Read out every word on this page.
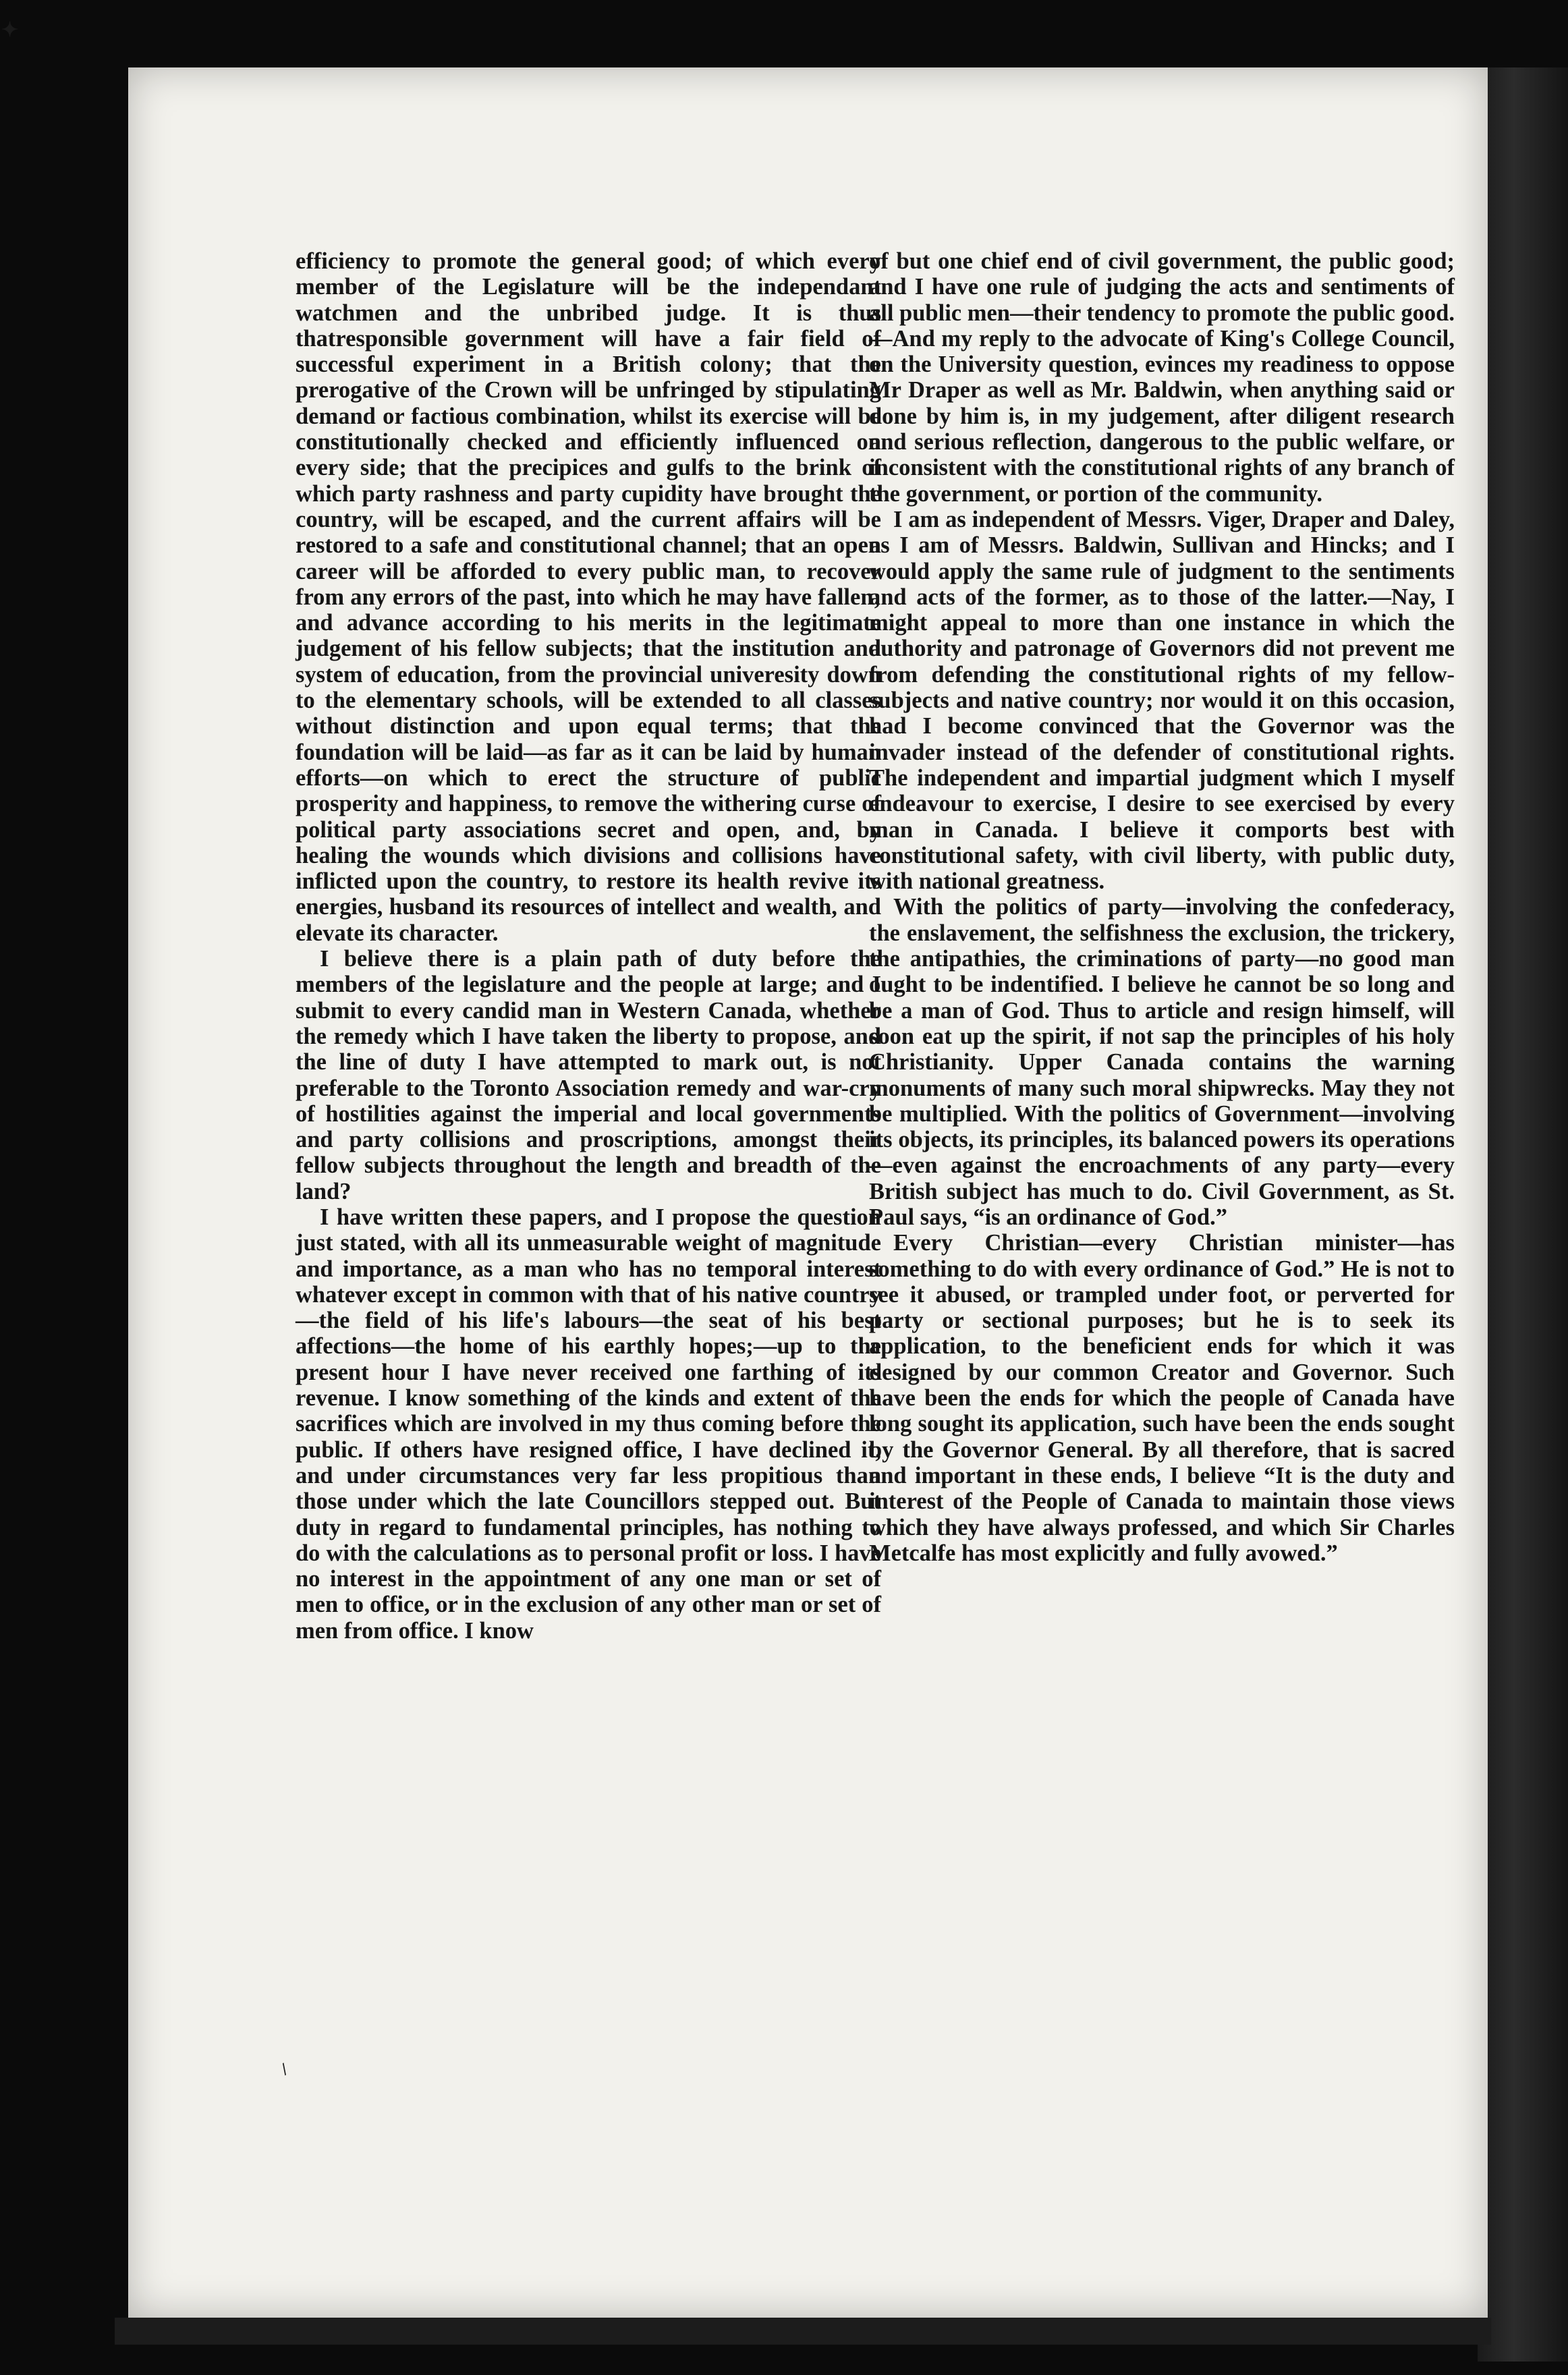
✦

efficiency to promote the general good; of which every member of the Legislature will be the independant watchmen and the unbribed judge. It is thus thatresponsible government will have a fair field of successful experiment in a British colony; that the prerogative of the Crown will be unfringed by stipulating demand or factious combination, whilst its exercise will be constitutionally checked and efficiently influenced on every side; that the precipices and gulfs to the brink of which party rashness and party cupidity have brought the country, will be escaped, and the current affairs will be restored to a safe and constitutional channel; that an open career will be afforded to every public man, to recover from any errors of the past, into which he may have fallen; and advance according to his merits in the legitimate judgement of his fellow subjects; that the institution and system of education, from the provincial univeresity down to the elementary schools, will be extended to all classes without distinction and upon equal terms; that the foundation will be laid—as far as it can be laid by human efforts—on which to erect the structure of public prosperity and happiness, to remove the withering curse of political party associations secret and open, and, by healing the wounds which divisions and collisions have inflicted upon the country, to restore its health revive its energies, husband its resources of intellect and wealth, and elevate its character.

I believe there is a plain path of duty before the members of the legislature and the people at large; and I submit to every candid man in Western Canada, whether the remedy which I have taken the liberty to propose, and the line of duty I have attempted to mark out, is not preferable to the Toronto Association remedy and war-cry of hostilities against the imperial and local governments and party collisions and proscriptions, amongst their fellow subjects throughout the length and breadth of the land?

I have written these papers, and I propose the question just stated, with all its unmeasurable weight of magnitude and importance, as a man who has no temporal interest whatever except in common with that of his native country—the field of his life's labours—the seat of his best affections—the home of his earthly hopes;—up to the present hour I have never received one farthing of its revenue. I know something of the kinds and extent of the sacrifices which are involved in my thus coming before the public. If others have resigned office, I have declined it, and under circumstances very far less propitious than those under which the late Councillors stepped out. But duty in regard to fundamental principles, has nothing to do with the calculations as to personal profit or loss. I have no interest in the appointment of any one man or set of men to office, or in the exclusion of any other man or set of men from office. I know

of but one chief end of civil government, the public good; and I have one rule of judging the acts and sentiments of all public men—their tendency to promote the public good.—And my reply to the advocate of King's College Council, on the University question, evinces my readiness to oppose Mr Draper as well as Mr. Baldwin, when anything said or done by him is, in my judgement, after diligent research and serious reflection, dangerous to the public welfare, or inconsistent with the constitutional rights of any branch of the government, or portion of the community.

I am as independent of Messrs. Viger, Draper and Daley, as I am of Messrs. Baldwin, Sullivan and Hincks; and I would apply the same rule of judgment to the sentiments and acts of the former, as to those of the latter.—Nay, I might appeal to more than one instance in which the authority and patronage of Governors did not prevent me from defending the constitutional rights of my fellow-subjects and native country; nor would it on this occasion, had I become convinced that the Governor was the invader instead of the defender of constitutional rights. The independent and impartial judgment which I myself endeavour to exercise, I desire to see exercised by every man in Canada. I believe it comports best with constitutional safety, with civil liberty, with public duty, with national greatness.

With the politics of party—involving the confederacy, the enslavement, the selfishness the exclusion, the trickery, the antipathies, the criminations of party—no good man ought to be indentified. I believe he cannot be so long and be a man of God. Thus to article and resign himself, will soon eat up the spirit, if not sap the principles of his holy Christianity. Upper Canada contains the warning monuments of many such moral shipwrecks. May they not be multiplied. With the politics of Government—involving its objects, its principles, its balanced powers its operations—even against the encroachments of any party—every British subject has much to do. Civil Government, as St. Paul says, “is an ordinance of God.”

Every Christian—every Christian minister—has something to do with every ordinance of God.” He is not to see it abused, or trampled under foot, or perverted for party or sectional purposes; but he is to seek its application, to the beneficient ends for which it was designed by our common Creator and Governor. Such have been the ends for which the people of Canada have long sought its application, such have been the ends sought by the Governor General. By all therefore, that is sacred and important in these ends, I believe “It is the duty and interest of the People of Canada to maintain those views which they have always professed, and which Sir Charles Metcalfe has most explicitly and fully avowed.”

/
